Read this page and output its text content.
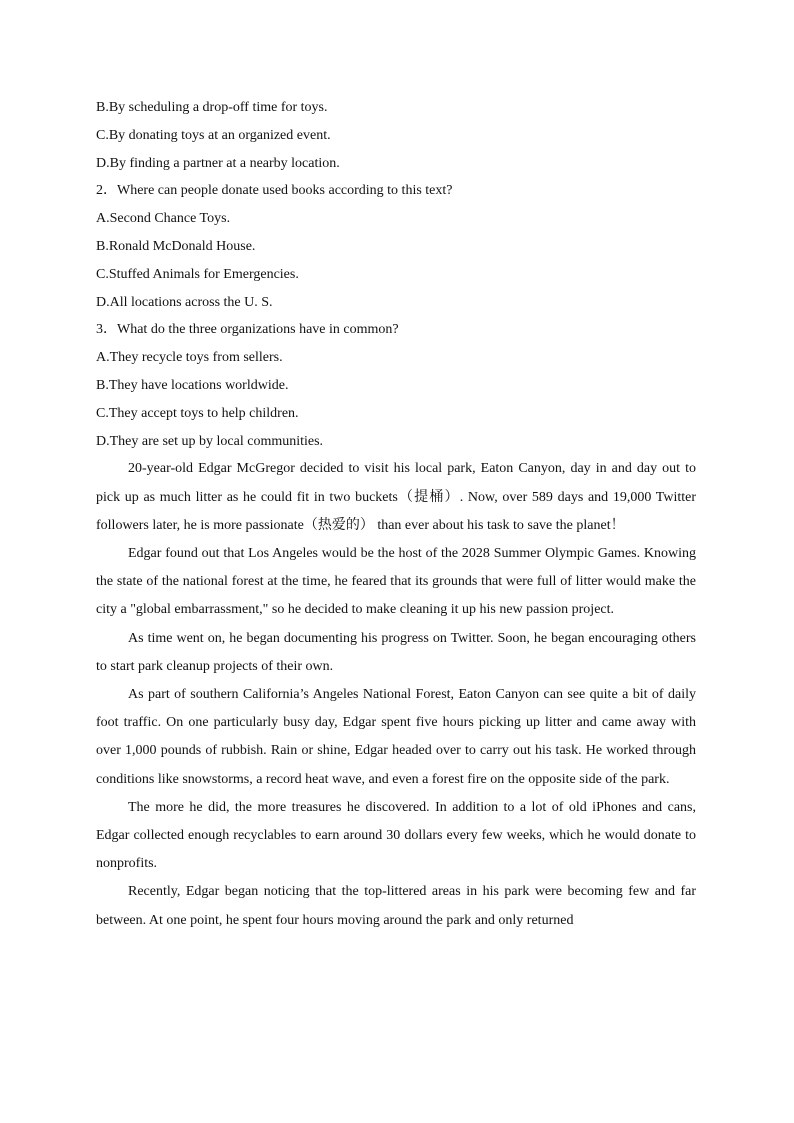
B.By scheduling a drop-off time for toys.
C.By donating toys at an organized event.
D.By finding a partner at a nearby location.
2．Where can people donate used books according to this text?
A.Second Chance Toys.
B.Ronald McDonald House.
C.Stuffed Animals for Emergencies.
D.All locations across the U. S.
3．What do the three organizations have in common?
A.They recycle toys from sellers.
B.They have locations worldwide.
C.They accept toys to help children.
D.They are set up by local communities.

20-year-old Edgar McGregor decided to visit his local park, Eaton Canyon, day in and day out to pick up as much litter as he could fit in two buckets（提桶）. Now, over 589 days and 19,000 Twitter followers later, he is more passionate（热爱的） than ever about his task to save the planet！

Edgar found out that Los Angeles would be the host of the 2028 Summer Olympic Games. Knowing the state of the national forest at the time, he feared that its grounds that were full of litter would make the city a "global embarrassment," so he decided to make cleaning it up his new passion project.

As time went on, he began documenting his progress on Twitter. Soon, he began encouraging others to start park cleanup projects of their own.

As part of southern California’s Angeles National Forest, Eaton Canyon can see quite a bit of daily foot traffic. On one particularly busy day, Edgar spent five hours picking up litter and came away with over 1,000 pounds of rubbish. Rain or shine, Edgar headed over to carry out his task. He worked through conditions like snowstorms, a record heat wave, and even a forest fire on the opposite side of the park.

The more he did, the more treasures he discovered. In addition to a lot of old iPhones and cans, Edgar collected enough recyclables to earn around 30 dollars every few weeks, which he would donate to nonprofits.

Recently, Edgar began noticing that the top-littered areas in his park were becoming few and far between. At one point, he spent four hours moving around the park and only returned
